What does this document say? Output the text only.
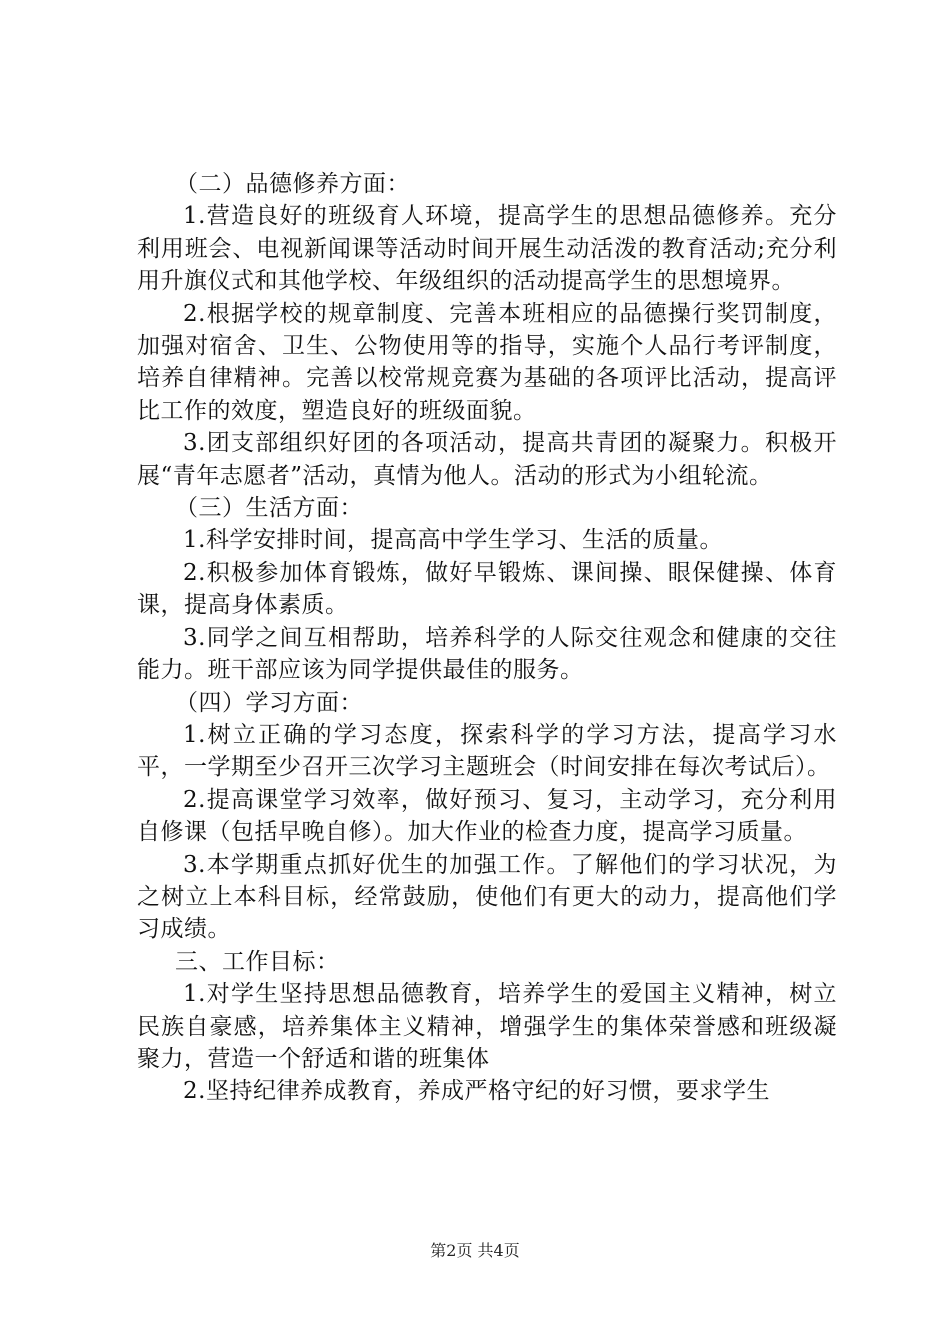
（二）品德修养方面：

1.营造良好的班级育人环境，提高学生的思想品德修养。充分利用班会、电视新闻课等活动时间开展生动活泼的教育活动;充分利用升旗仪式和其他学校、年级组织的活动提高学生的思想境界。

2.根据学校的规章制度、完善本班相应的品德操行奖罚制度，加强对宿舍、卫生、公物使用等的指导，实施个人品行考评制度，培养自律精神。完善以校常规竞赛为基础的各项评比活动，提高评比工作的效度，塑造良好的班级面貌。

3.团支部组织好团的各项活动，提高共青团的凝聚力。积极开展“青年志愿者”活动，真情为他人。活动的形式为小组轮流。

（三）生活方面：

1.科学安排时间，提高高中学生学习、生活的质量。

2.积极参加体育锻炼，做好早锻炼、课间操、眼保健操、体育课，提高身体素质。

3.同学之间互相帮助，培养科学的人际交往观念和健康的交往能力。班干部应该为同学提供最佳的服务。

（四）学习方面：

1.树立正确的学习态度，探索科学的学习方法，提高学习水平，一学期至少召开三次学习主题班会（时间安排在每次考试后）。

2.提高课堂学习效率，做好预习、复习，主动学习，充分利用自修课（包括早晚自修）。加大作业的检查力度，提高学习质量。

3.本学期重点抓好优生的加强工作。了解他们的学习状况，为之树立上本科目标，经常鼓励，使他们有更大的动力，提高他们学习成绩。

三、工作目标：

1.对学生坚持思想品德教育，培养学生的爱国主义精神，树立民族自豪感，培养集体主义精神，增强学生的集体荣誉感和班级凝聚力，营造一个舒适和谐的班集体

2.坚持纪律养成教育，养成严格守纪的好习惯，要求学生

第2页 共4页
